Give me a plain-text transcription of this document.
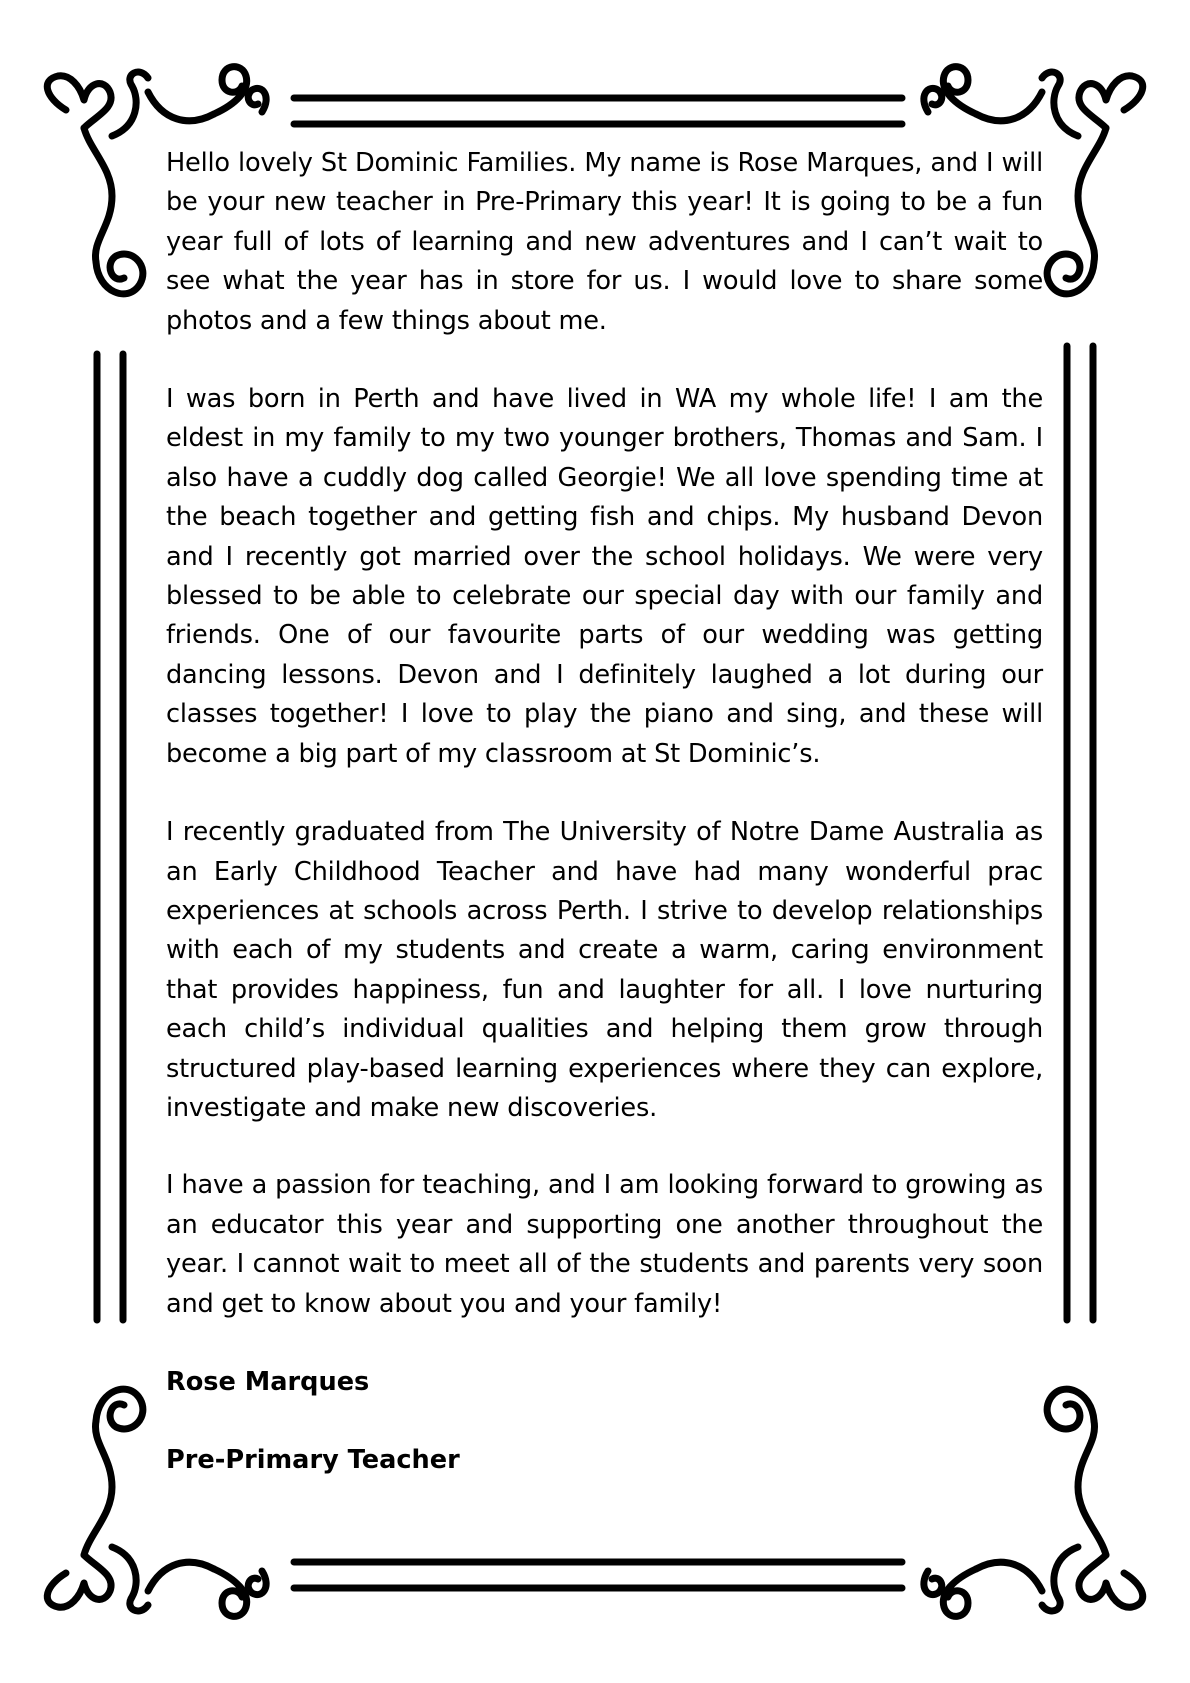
Hello lovely St Dominic Families. My name is Rose Marques, and I will be your new teacher in Pre-Primary this year! It is going to be a fun year full of lots of learning and new adventures and I can’t wait to see what the year has in store for us. I would love to share some photos and a few things about me.

I was born in Perth and have lived in WA my whole life! I am the eldest in my family to my two younger brothers, Thomas and Sam. I also have a cuddly dog called Georgie! We all love spending time at the beach together and getting fish and chips. My husband Devon and I recently got married over the school holidays. We were very blessed to be able to celebrate our special day with our family and friends. One of our favourite parts of our wedding was getting dancing lessons. Devon and I definitely laughed a lot during our classes together! I love to play the piano and sing, and these will become a big part of my classroom at St Dominic’s.

I recently graduated from The University of Notre Dame Australia as an Early Childhood Teacher and have had many wonderful prac experiences at schools across Perth. I strive to develop relationships with each of my students and create a warm, caring environment that provides happiness, fun and laughter for all. I love nurturing each child’s individual qualities and helping them grow through structured play-based learning experiences where they can explore, investigate and make new discoveries.

I have a passion for teaching, and I am looking forward to growing as an educator this year and supporting one another throughout the year. I cannot wait to meet all of the students and parents very soon and get to know about you and your family!

Rose Marques

Pre-Primary Teacher
